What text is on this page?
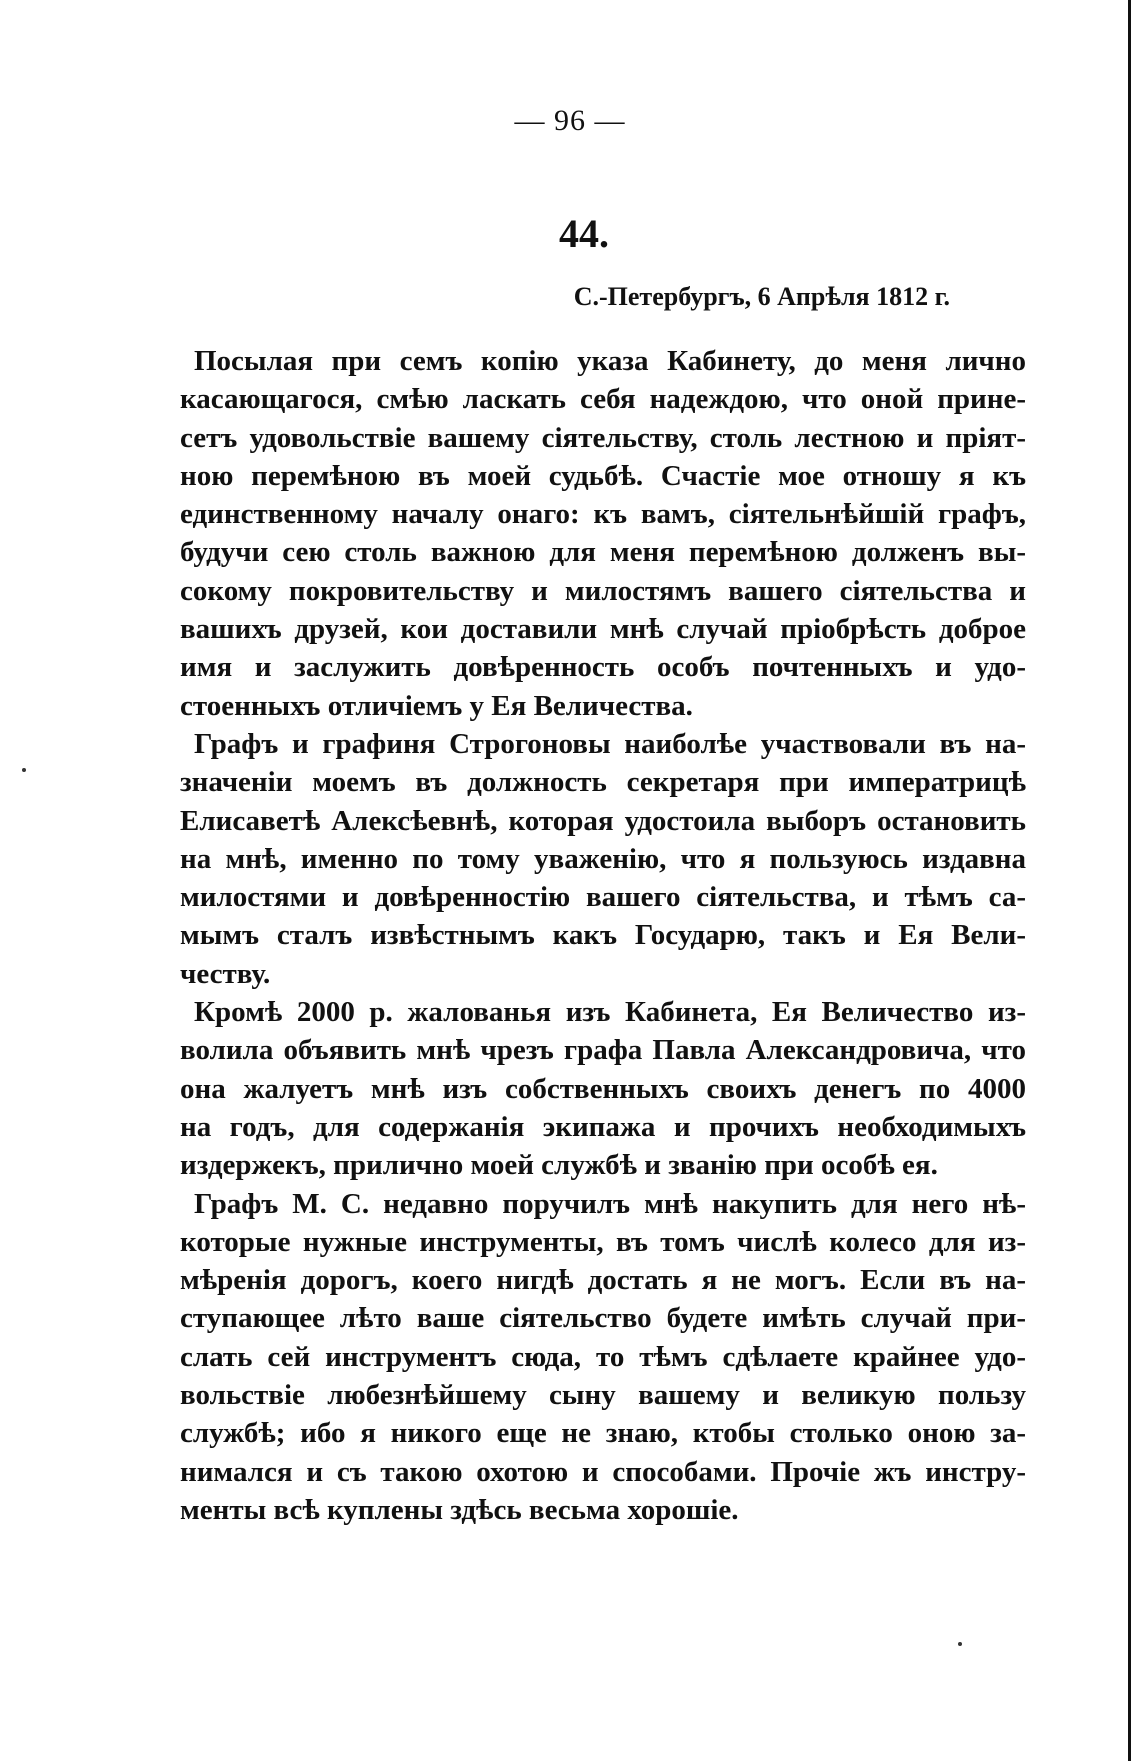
— 96 —
44.
С.-Петербургъ, 6 Апрѣля 1812 г.
Посылая при семъ копію указа Кабинету, до меня лично
касающагося, смѣю ласкать себя надеждою, что оной прине-
сетъ удовольствіе вашему сіятельству, столь лестною и пріят-
ною перемѣною въ моей судьбѣ. Счастіе мое отношу я къ
единственному началу онаго: къ вамъ, сіятельнѣйшій графъ,
будучи сею столь важною для меня перемѣною долженъ вы-
сокому покровительству и милостямъ вашего сіятельства и
вашихъ друзей, кои доставили мнѣ случай пріобрѣсть доброе
имя и заслужить довѣренность особъ почтенныхъ и удо-
стоенныхъ отличіемъ у Ея Величества.
Графъ и графиня Строгоновы наиболѣе участвовали въ на-
значеніи моемъ въ должность секретаря при императрицѣ
Елисаветѣ Алексѣевнѣ, которая удостоила выборъ остановить
на мнѣ, именно по тому уваженію, что я пользуюсь издавна
милостями и довѣренностію вашего сіятельства, и тѣмъ са-
мымъ сталъ извѣстнымъ какъ Государю, такъ и Ея Вели-
честву.
Кромѣ 2000 р. жалованья изъ Кабинета, Ея Величество из-
волила объявить мнѣ чрезъ графа Павла Александровича, что
она жалуетъ мнѣ изъ собственныхъ своихъ денегъ по 4000
на годъ, для содержанія экипажа и прочихъ необходимыхъ
издержекъ, прилично моей службѣ и званію при особѣ ея.
Графъ М. С. недавно поручилъ мнѣ накупить для него нѣ-
которые нужные инструменты, въ томъ числѣ колесо для из-
мѣренія дорогъ, коего нигдѣ достать я не могъ. Если въ на-
ступающее лѣто ваше сіятельство будете имѣть случай при-
слать сей инструментъ сюда, то тѣмъ сдѣлаете крайнее удо-
вольствіе любезнѣйшему сыну вашему и великую пользу
службѣ; ибо я никого еще не знаю, ктобы столько оною за-
нимался и съ такою охотою и способами. Прочіе жъ инстру-
менты всѣ куплены здѣсь весьма хорошіе.
